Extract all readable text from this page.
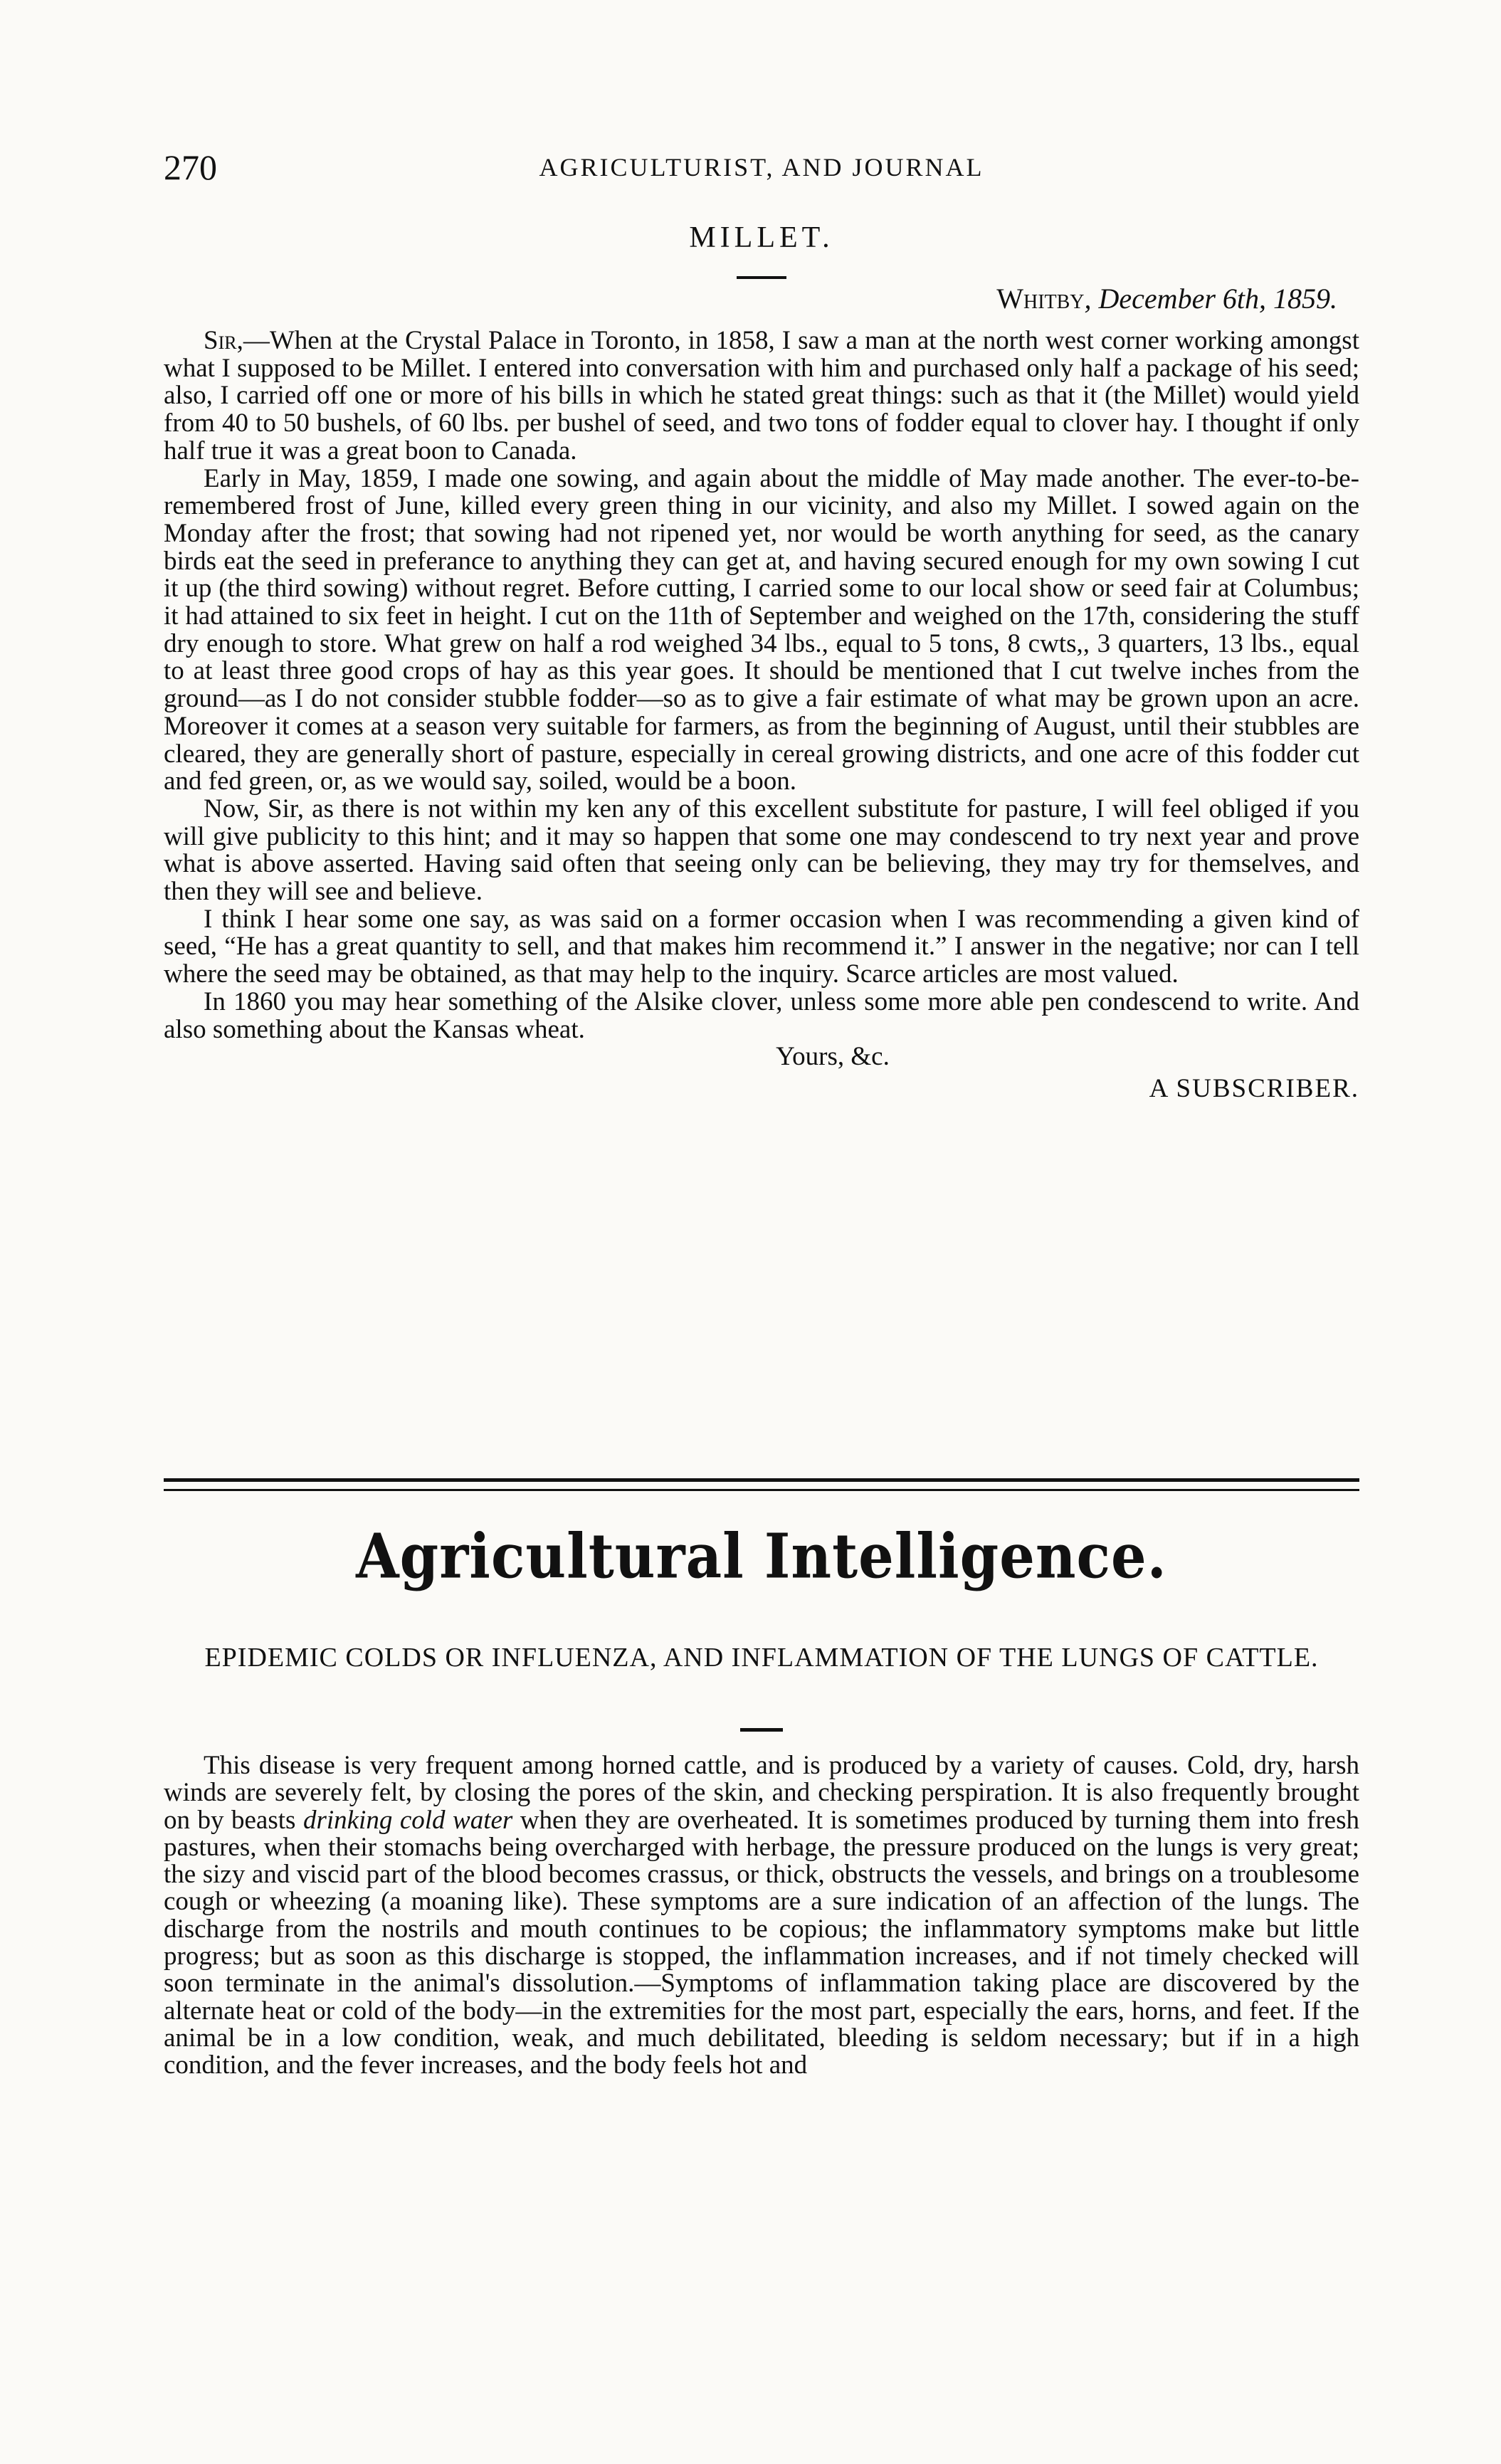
270	AGRICULTURIST, AND JOURNAL
MILLET.
Whitby, December 6th, 1859.

Sir,—When at the Crystal Palace in Toronto, in 1858, I saw a man at the north west corner working amongst what I supposed to be Millet. I entered into conversation with him and purchased only half a package of his seed; also, I carried off one or more of his bills in which he stated great things: such as that it (the Millet) would yield from 40 to 50 bushels, of 60 lbs. per bushel of seed, and two tons of fodder equal to clover hay. I thought if only half true it was a great boon to Canada.

Early in May, 1859, I made one sowing, and again about the middle of May made another. The ever-to-be-remembered frost of June, killed every green thing in our vicinity, and also my Millet. I sowed again on the Monday after the frost; that sowing had not ripened yet, nor would be worth anything for seed, as the canary birds eat the seed in preferance to anything they can get at, and having secured enough for my own sowing I cut it up (the third sowing) without regret. Before cutting, I carried some to our local show or seed fair at Columbus; it had attained to six feet in height. I cut on the 11th of September and weighed on the 17th, considering the stuff dry enough to store. What grew on half a rod weighed 34 lbs., equal to 5 tons, 8 cwts,, 3 quarters, 13 lbs., equal to at least three good crops of hay as this year goes. It should be mentioned that I cut twelve inches from the ground—as I do not consider stubble fodder—so as to give a fair estimate of what may be grown upon an acre. Moreover it comes at a season very suitable for farmers, as from the beginning of August, until their stubbles are cleared, they are generally short of pasture, especially in cereal growing districts, and one acre of this fodder cut and fed green, or, as we would say, soiled, would be a boon.

Now, Sir, as there is not within my ken any of this excellent substitute for pasture, I will feel obliged if you will give publicity to this hint; and it may so happen that some one may condescend to try next year and prove what is above asserted. Having said often that seeing only can be believing, they may try for themselves, and then they will see and believe.

I think I hear some one say, as was said on a former occasion when I was recommending a given kind of seed, “He has a great quantity to sell, and that makes him recommend it.” I answer in the negative; nor can I tell where the seed may be obtained, as that may help to the inquiry. Scarce articles are most valued.

In 1860 you may hear something of the Alsike clover, unless some more able pen condescend to write. And also something about the Kansas wheat.

Yours, &c.
A SUBSCRIBER.
Agricultural Intelligence.
EPIDEMIC COLDS OR INFLUENZA, AND INFLAMMATION OF THE LUNGS OF CATTLE.

This disease is very frequent among horned cattle, and is produced by a variety of causes. Cold, dry, harsh winds are severely felt, by closing the pores of the skin, and checking perspiration. It is also frequently brought on by beasts drinking cold water when they are overheated. It is sometimes produced by turning them into fresh pastures, when their stomachs being overcharged with herbage, the pressure produced on the lungs is very great; the sizy and viscid part of the blood becomes crassus, or thick, obstructs the vessels, and brings on a troublesome cough or wheezing (a moaning like). These symptoms are a sure indication of an affection of the lungs. The discharge from the nostrils and mouth continues to be copious; the inflammatory symptoms make but little progress; but as soon as this discharge is stopped, the inflammation increases, and if not timely checked will soon terminate in the animal's dissolution.—Symptoms of inflammation taking place are discovered by the alternate heat or cold of the body—in the extremities for the most part, especially the ears, horns, and feet. If the animal be in a low condition, weak, and much debilitated, bleeding is seldom necessary; but if in a high condition, and the fever increases, and the body feels hot and
